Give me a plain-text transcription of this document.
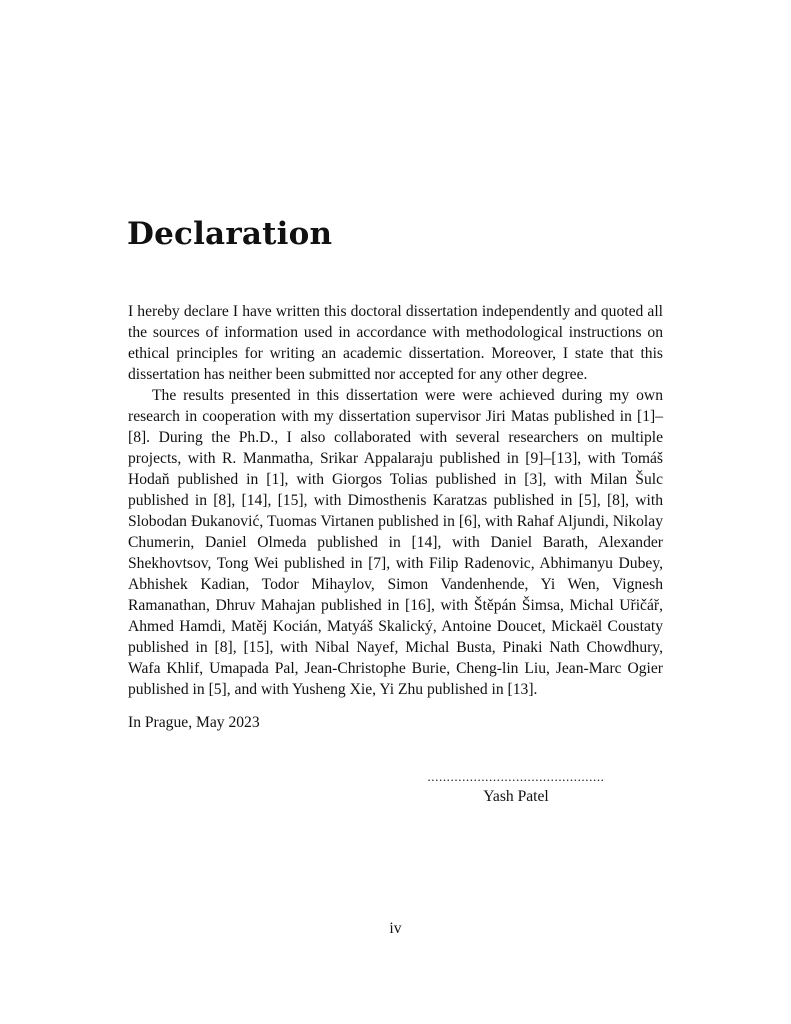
Declaration

I hereby declare I have written this doctoral dissertation independently and quoted all the sources of information used in accordance with methodological instructions on ethical principles for writing an academic dissertation. Moreover, I state that this dissertation has neither been submitted nor accepted for any other degree.

The results presented in this dissertation were were achieved during my own research in cooperation with my dissertation supervisor Jiri Matas published in [1]–[8]. During the Ph.D., I also collaborated with several researchers on multiple projects, with R. Manmatha, Srikar Appalaraju published in [9]–[13], with Tomáš Hodaň published in [1], with Giorgos Tolias published in [3], with Milan Šulc published in [8], [14], [15], with Dimosthenis Karatzas published in [5], [8], with Slobodan Đukanović, Tuomas Virtanen published in [6], with Rahaf Aljundi, Nikolay Chumerin, Daniel Olmeda published in [14], with Daniel Barath, Alexander Shekhovtsov, Tong Wei published in [7], with Filip Radenovic, Abhimanyu Dubey, Abhishek Kadian, Todor Mihaylov, Simon Vandenhende, Yi Wen, Vignesh Ramanathan, Dhruv Mahajan published in [16], with Štěpán Šimsa, Michal Uřičář, Ahmed Hamdi, Matěj Kocián, Matyáš Skalický, Antoine Doucet, Mickaël Coustaty published in [8], [15], with Nibal Nayef, Michal Busta, Pinaki Nath Chowdhury, Wafa Khlif, Umapada Pal, Jean-Christophe Burie, Cheng-lin Liu, Jean-Marc Ogier published in [5], and with Yusheng Xie, Yi Zhu published in [13].

In Prague, May 2023
..............................................
Yash Patel
iv
